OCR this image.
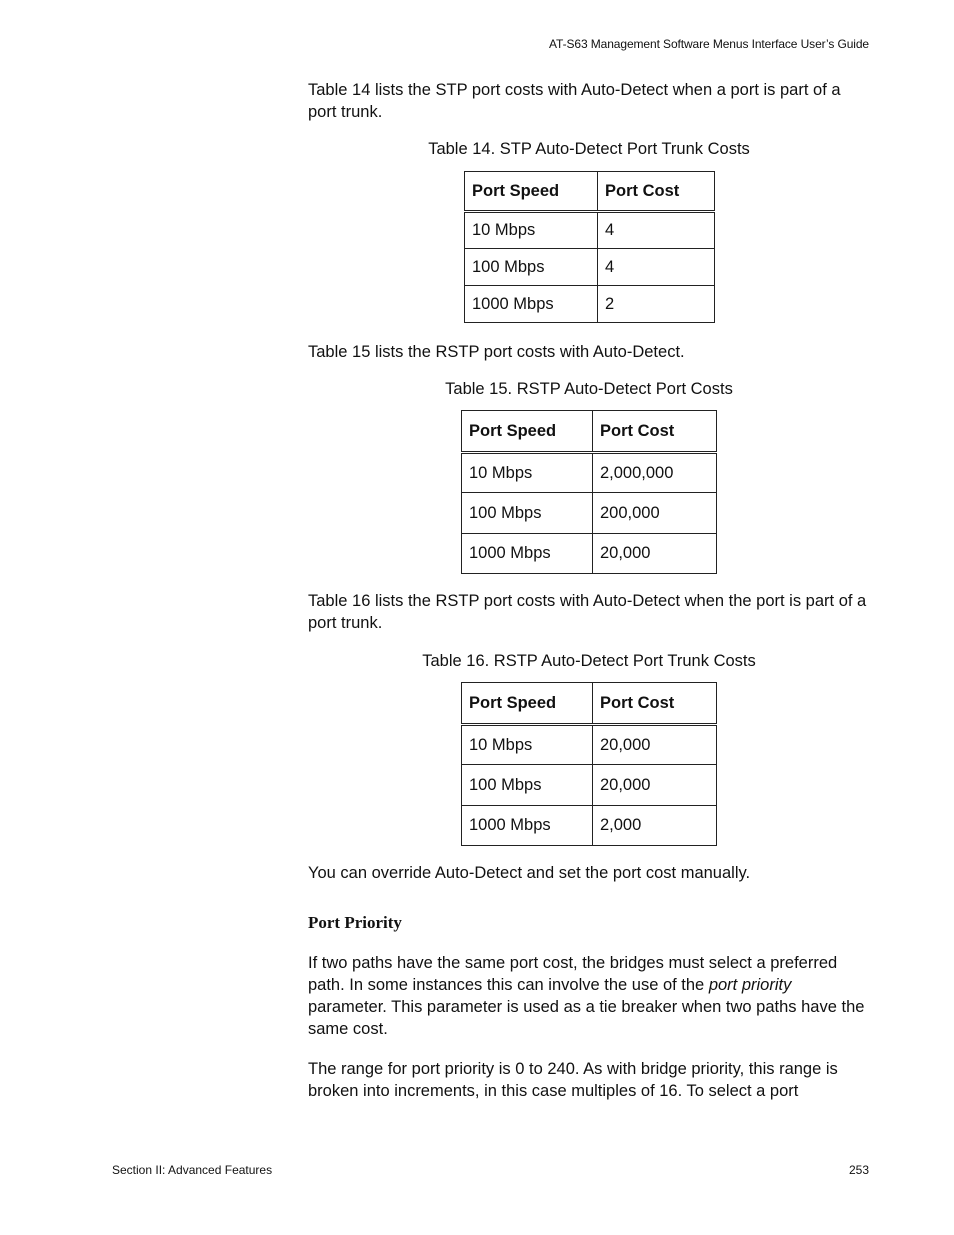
AT-S63 Management Software Menus Interface User’s Guide

Table 14 lists the STP port costs with Auto-Detect when a port is part of a port trunk.

Table 14. STP Auto-Detect Port Trunk Costs
Port Speed	Port Cost
10 Mbps	4
100 Mbps	4
1000 Mbps	2

Table 15 lists the RSTP port costs with Auto-Detect.

Table 15. RSTP Auto-Detect Port Costs
Port Speed	Port Cost
10 Mbps	2,000,000
100 Mbps	200,000
1000 Mbps	20,000

Table 16 lists the RSTP port costs with Auto-Detect when the port is part of a port trunk.

Table 16. RSTP Auto-Detect Port Trunk Costs
Port Speed	Port Cost
10 Mbps	20,000
100 Mbps	20,000
1000 Mbps	2,000

You can override Auto-Detect and set the port cost manually.

Port Priority

If two paths have the same port cost, the bridges must select a preferred path. In some instances this can involve the use of the port priority parameter. This parameter is used as a tie breaker when two paths have the same cost.

The range for port priority is 0 to 240. As with bridge priority, this range is broken into increments, in this case multiples of 16. To select a port

Section II: Advanced Features	253
